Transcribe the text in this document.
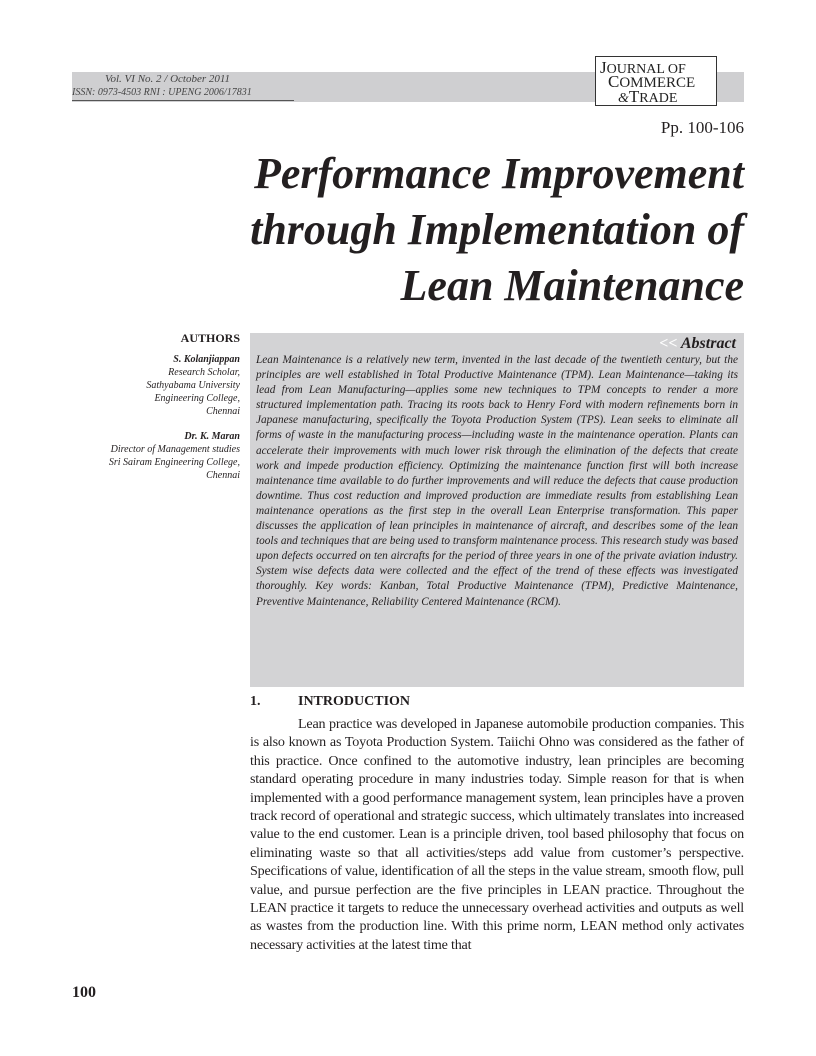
Vol. VI No. 2 / October 2011
ISSN: 0973-4503 RNI : UPENG 2006/17831
JOURNAL OF
COMMERCE
&TRADE
Pp. 100-106
Performance Improvement
through Implementation of
Lean Maintenance
AUTHORS
S. Kolanjiappan
Research Scholar,
Sathyabama University
Engineering College,
Chennai
Dr. K. Maran
Director of Management studies
Sri Sairam Engineering College,
Chennai
<< Abstract
Lean Maintenance is a relatively new term, invented in the last decade of the twentieth century, but the principles are well established in Total Productive Maintenance (TPM). Lean Maintenance—taking its lead from Lean Manufacturing—applies some new techniques to TPM concepts to render a more structured implementation path. Tracing its roots back to Henry Ford with modern refinements born in Japanese manufacturing, specifically the Toyota Production System (TPS). Lean seeks to eliminate all forms of waste in the manufacturing process—including waste in the maintenance operation. Plants can accelerate their improvements with much lower risk through the elimination of the defects that create work and impede production efficiency. Optimizing the maintenance function first will both increase maintenance time available to do further improvements and will reduce the defects that cause production downtime. Thus cost reduction and improved production are immediate results from establishing Lean maintenance operations as the first step in the overall Lean Enterprise transformation. This paper discusses the application of lean principles in maintenance of aircraft, and describes some of the lean tools and techniques that are being used to transform maintenance process. This research study was based upon defects occurred on ten aircrafts for the period of three years in one of the private aviation industry. System wise defects data were collected and the effect of the trend of these effects was investigated thoroughly. Key words: Kanban, Total Productive Maintenance (TPM), Predictive Maintenance, Preventive Maintenance, Reliability Centered Maintenance (RCM).
1.	INTRODUCTION

Lean practice was developed in Japanese automobile production companies. This is also known as Toyota Production System. Taiichi Ohno was considered as the father of this practice. Once confined to the automotive industry, lean principles are becoming standard operating procedure in many industries today. Simple reason for that is when implemented with a good performance management system, lean principles have a proven track record of operational and strategic success, which ultimately translates into increased value to the end customer. Lean is a principle driven, tool based philosophy that focus on eliminating waste so that all activities/steps add value from customer’s perspective. Specifications of value, identification of all the steps in the value stream, smooth flow, pull value, and pursue perfection are the five principles in LEAN practice. Throughout the LEAN practice it targets to reduce the unnecessary overhead activities and outputs as well as wastes from the production line. With this prime norm, LEAN method only activates necessary activities at the latest time that

100
